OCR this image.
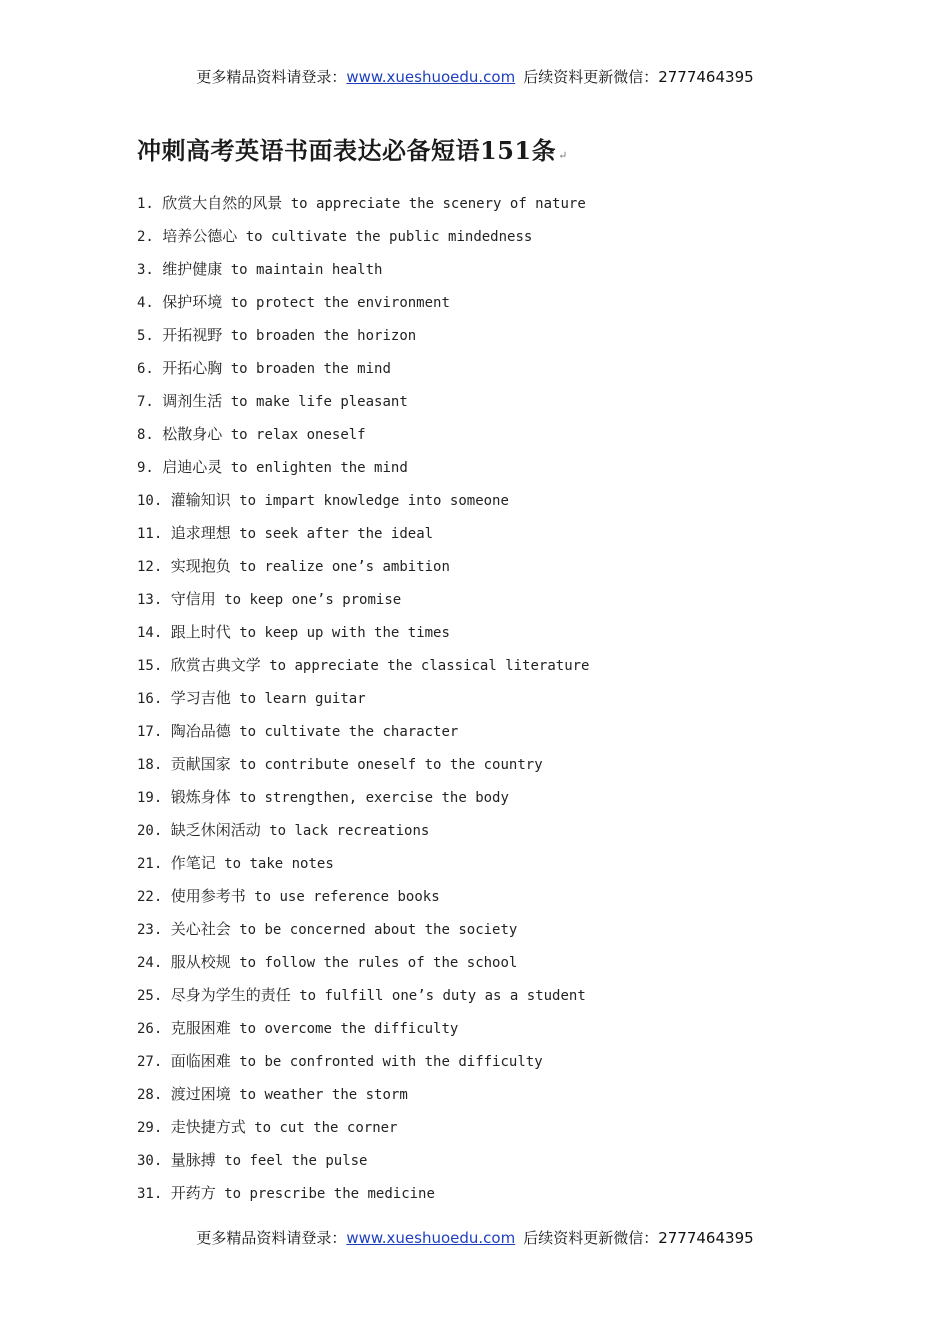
更多精品资料请登录：www.xueshuoedu.com 后续资料更新微信：2777464395
冲刺高考英语书面表达必备短语151条 ↵
1. 欣赏大自然的风景 to appreciate the scenery of nature
2. 培养公德心 to cultivate the public mindedness
3. 维护健康 to maintain health
4. 保护环境 to protect the environment
5. 开拓视野 to broaden the horizon
6. 开拓心胸 to broaden the mind
7. 调剂生活 to make life pleasant
8. 松散身心 to relax oneself
9. 启迪心灵 to enlighten the mind
10. 灌输知识 to impart knowledge into someone
11. 追求理想 to seek after the ideal
12. 实现抱负 to realize one’s ambition
13. 守信用 to keep one’s promise
14. 跟上时代 to keep up with the times
15. 欣赏古典文学 to appreciate the classical literature
16. 学习吉他 to learn guitar
17. 陶冶品德 to cultivate the character
18. 贡献国家 to contribute oneself to the country
19. 锻炼身体 to strengthen, exercise the body
20. 缺乏休闲活动 to lack recreations
21. 作笔记 to take notes
22. 使用参考书 to use reference books
23. 关心社会 to be concerned about the society
24. 服从校规 to follow the rules of the school
25. 尽身为学生的责任 to fulfill one’s duty as a student
26. 克服困难 to overcome the difficulty
27. 面临困难 to be confronted with the difficulty
28. 渡过困境 to weather the storm
29. 走快捷方式 to cut the corner
30. 量脉搏 to feel the pulse
31. 开药方 to prescribe the medicine
更多精品资料请登录：www.xueshuoedu.com 后续资料更新微信：2777464395
